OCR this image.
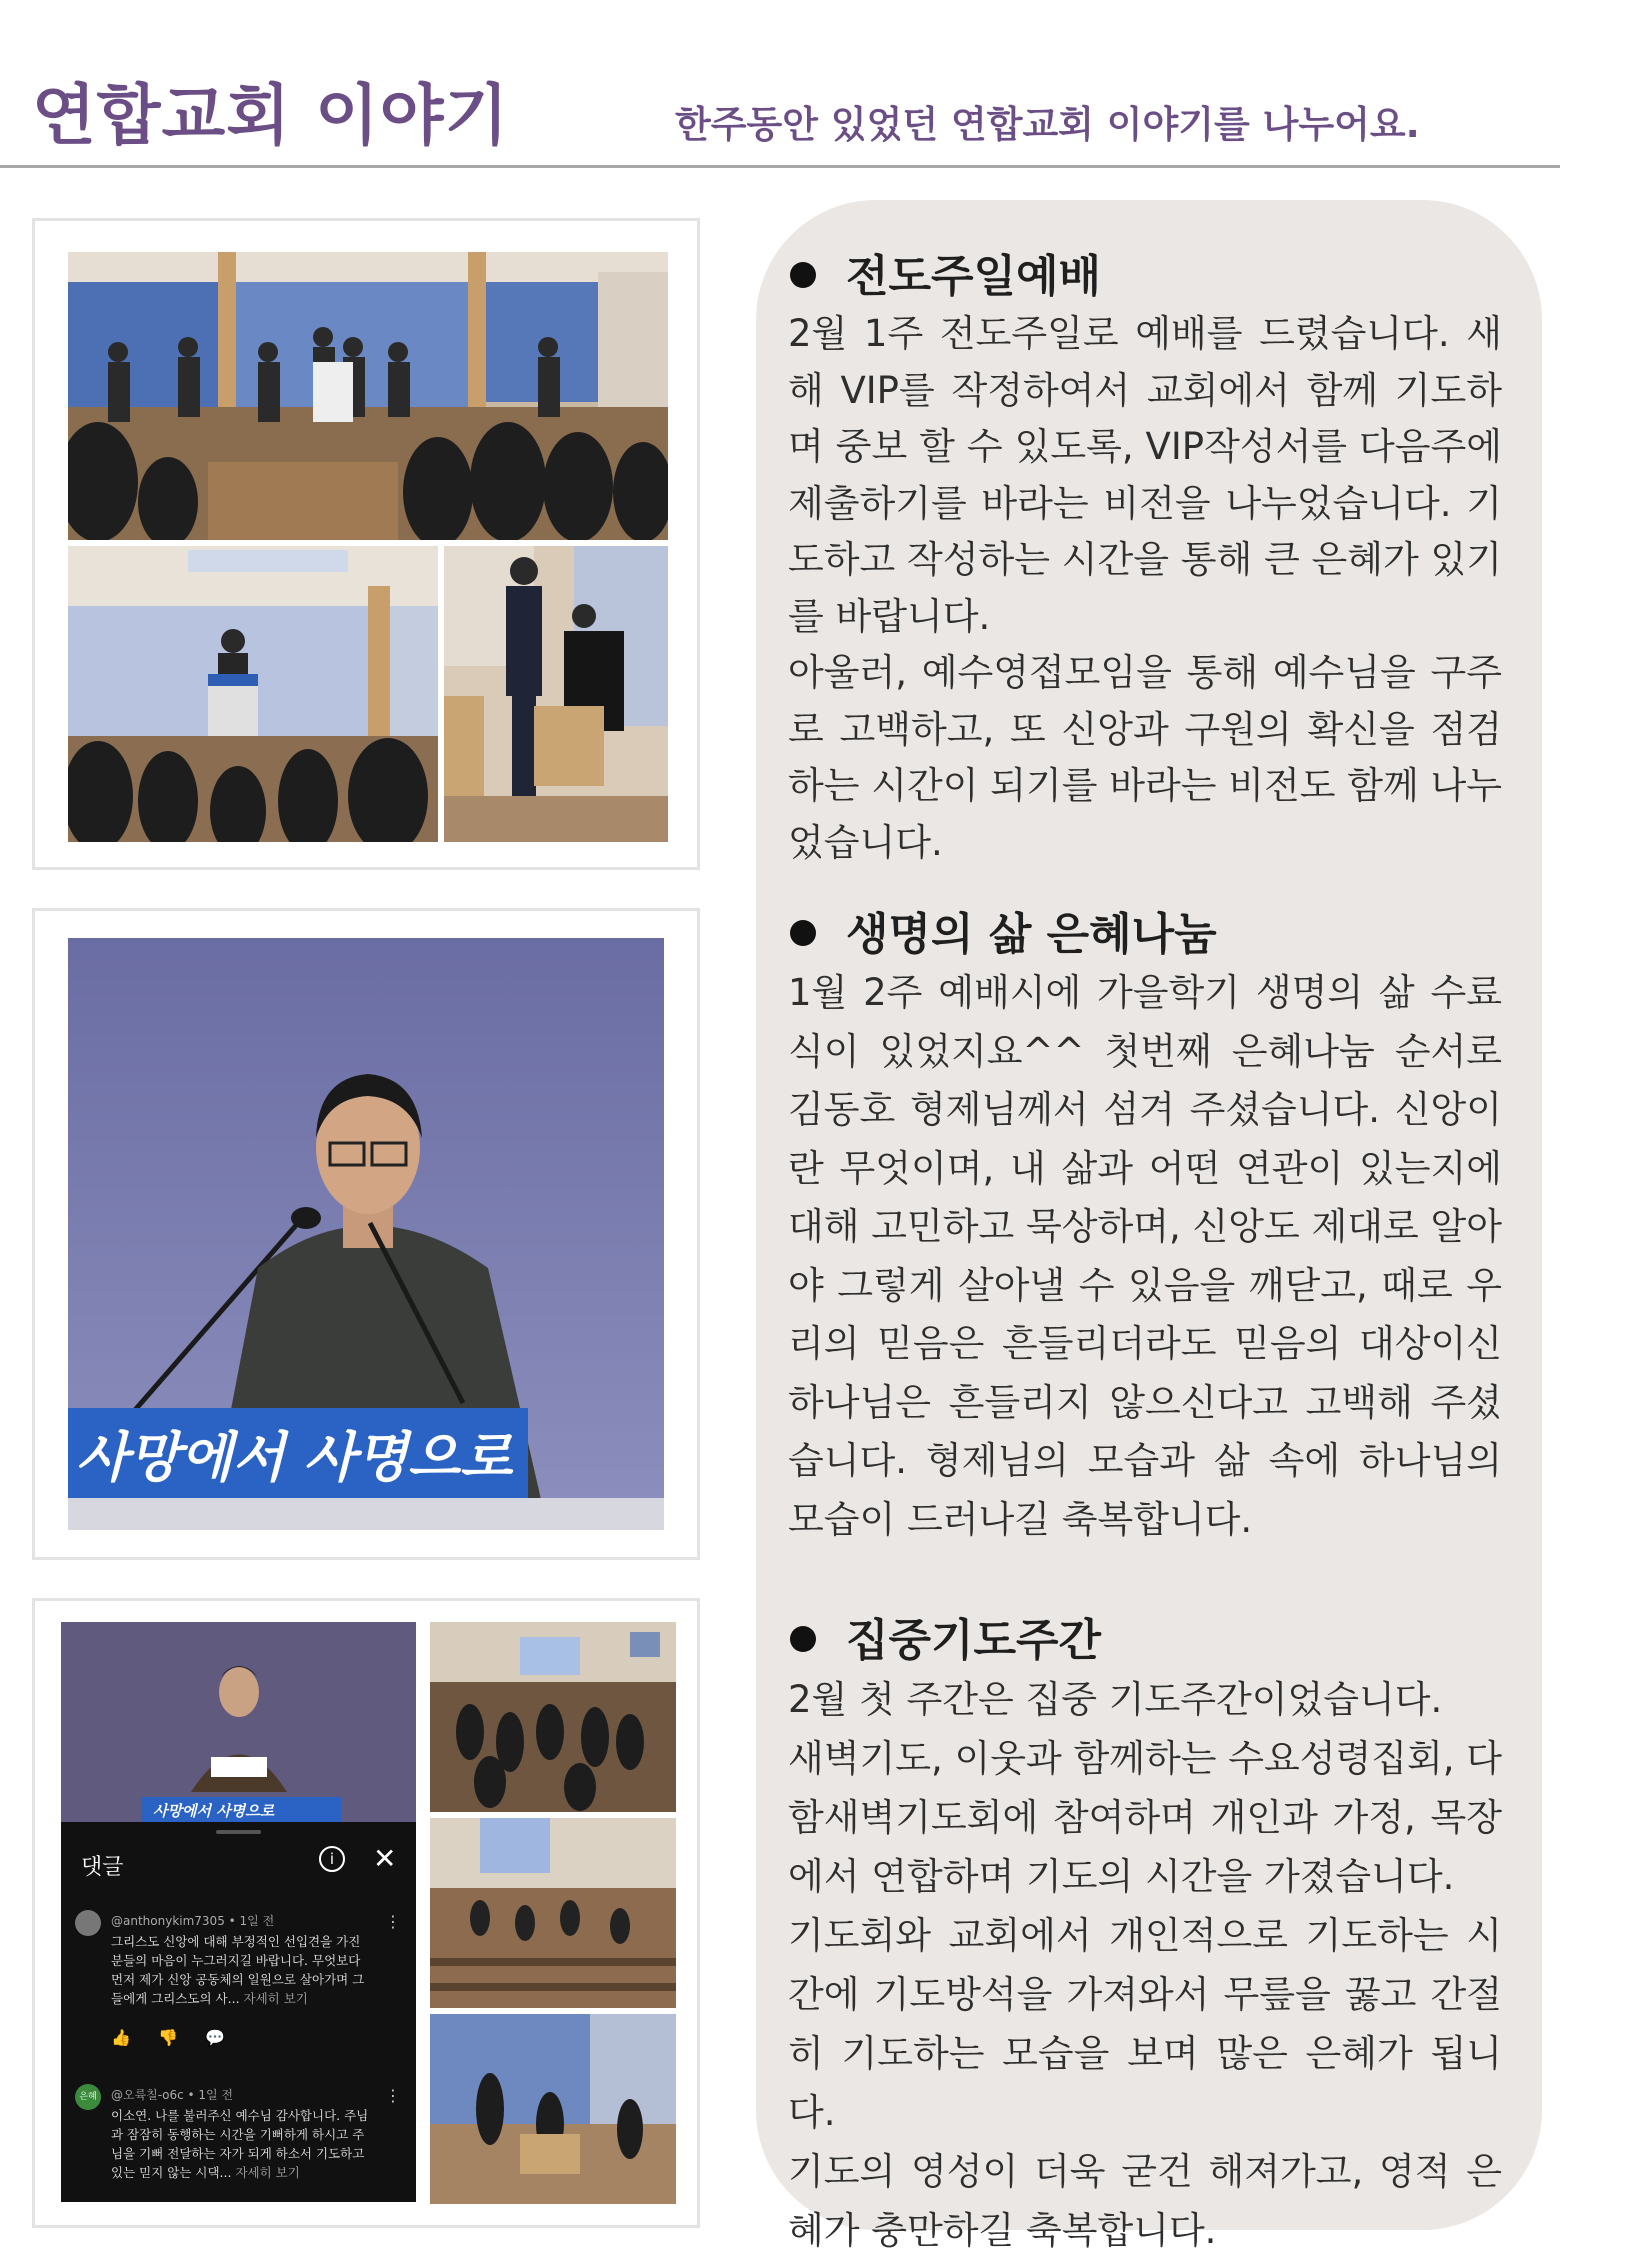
연합교회 이야기	한주동안 있었던 연합교회 이야기를 나누어요.

사망에서 사명으로
사망에서 사명으로
댓글	i	✕
@anthonykim7305 • 1일 전	⋮
그리스도 신앙에 대해 부정적인 선입견을 가진 분들의 마음이 누그러지길 바랍니다. 무엇보다 먼저 제가 신앙 공동체의 일원으로 살아가며 그들에게 그리스도의 사... 자세히 보기
👍 👎 💬
은혜	@오륙칠-o6c • 1일 전	⋮
이소연. 나를 불러주신 예수님 감사합니다. 주님과 잠잠히 동행하는 시간을 기뻐하게 하시고 주님을 기뻐 전달하는 자가 되게 하소서 기도하고 있는 믿지 않는 시댁... 자세히 보기
전도주일예배
2월 1주 전도주일로 예배를 드렸습니다. 새해 VIP를 작정하여서 교회에서 함께 기도하며 중보 할 수 있도록, VIP작성서를 다음주에 제출하기를 바라는 비전을 나누었습니다. 기도하고 작성하는 시간을 통해 큰 은혜가 있기를 바랍니다.
아울러, 예수영접모임을 통해 예수님을 구주로 고백하고, 또 신앙과 구원의 확신을 점검하는 시간이 되기를 바라는 비전도 함께 나누었습니다.
생명의 삶 은혜나눔
1월 2주 예배시에 가을학기 생명의 삶 수료식이 있었지요^^ 첫번째 은혜나눔 순서로 김동호 형제님께서 섬겨 주셨습니다. 신앙이란 무엇이며, 내 삶과 어떤 연관이 있는지에 대해 고민하고 묵상하며, 신앙도 제대로 알아야 그렇게 살아낼 수 있음을 깨닫고, 때로 우리의 믿음은 흔들리더라도 믿음의 대상이신 하나님은 흔들리지 않으신다고 고백해 주셨습니다. 형제님의 모습과 삶 속에 하나님의 모습이 드러나길 축복합니다.
집중기도주간
2월 첫 주간은 집중 기도주간이었습니다.
새벽기도, 이웃과 함께하는 수요성령집회, 다함새벽기도회에 참여하며 개인과 가정, 목장에서 연합하며 기도의 시간을 가졌습니다.
기도회와 교회에서 개인적으로 기도하는 시간에 기도방석을 가져와서 무릎을 꿇고 간절히 기도하는 모습을 보며 많은 은혜가 됩니다.
기도의 영성이 더욱 굳건 해져가고, 영적 은혜가 충만하길 축복합니다.
